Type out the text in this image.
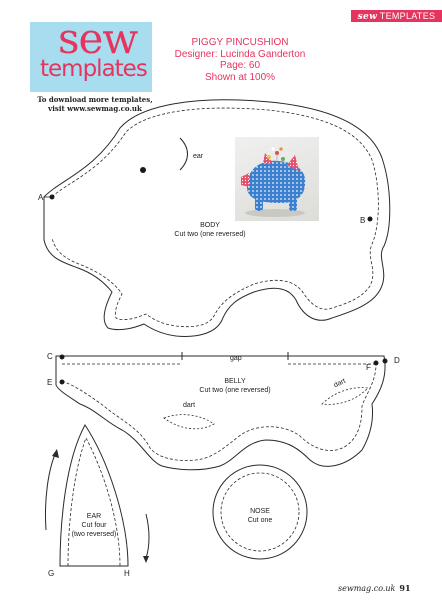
sew
templates
To download more templates,
visit www.sewmag.co.uk
sew TEMPLATES
PIGGY PINCUSHION
Designer: Lucinda Ganderton
Page: 60
Shown at 100%
ear
BODY
Cut two (one reversed)
A
B
gap
BELLY
Cut two (one reversed)
dart
dart
C	D
E
F
EAR
Cut four
(two reversed)
G	H
NOSE
Cut one
sewmag.co.uk 91
